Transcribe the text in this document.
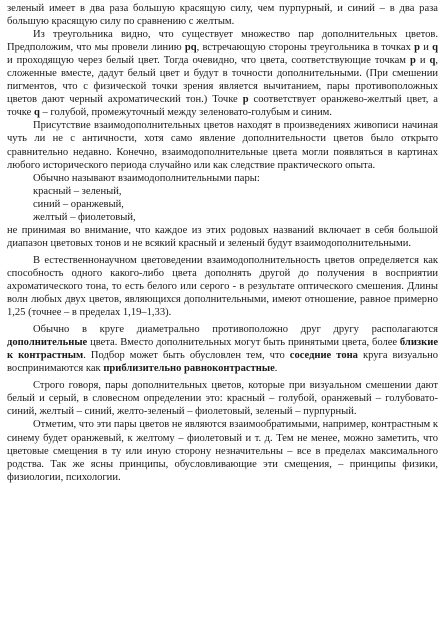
зеленый имеет в два раза большую красящую силу, чем пурпурный, и синий – в два раза большую красящую силу по сравнению с желтым.

Из треугольника видно, что существует множество пар дополнительных цветов. Предположим, что мы провели линию pq, встречающую стороны треугольника в точках p и q и проходящую через белый цвет. Тогда очевидно, что цвета, соответствующие точкам p и q, сложенные вместе, дадут белый цвет и будут в точности дополнительными. (При смешении пигментов, что с физической точки зрения является вычитанием, пары противоположных цветов дают черный ахроматический тон.) Точке p соответствует оранжево-желтый цвет, а точке q – голубой, промежуточный между зеленовато-голубым и синим.

Присутствие взаимодополнительных цветов находят в произведениях живописи начиная чуть ли не с античности, хотя само явление дополнительности цветов было открыто сравнительно недавно. Конечно, взаимодополнительные цвета могли появляться в картинах любого исторического периода случайно или как следствие практического опыта.

Обычно называют взаимодополнительными пары:

красный – зеленый,

синий – оранжевый,

желтый – фиолетовый,

не принимая во внимание, что каждое из этих родовых названий включает в себя большой диапазон цветовых тонов и не всякий красный и зеленый будут взаимодополнительными.

В естественнонаучном цветоведении взаимодополнительность цветов определяется как способность одного какого-либо цвета дополнять другой до получения в восприятии ахроматического тона, то есть белого или серого - в результате оптического смешения. Длины волн любых двух цветов, являющихся дополнительными, имеют отношение, равное примерно 1,25 (точнее – в пределах 1,19–1,33).

Обычно в круге диаметрально противоположно друг другу располагаются дополнительные цвета. Вместо дополнительных могут быть принятыми цвета, более близкие к контрастным. Подбор может быть обусловлен тем, что соседние тона круга визуально воспринимаются как приблизительно равноконтрастные.

Строго говоря, пары дополнительных цветов, которые при визуальном смешении дают белый и серый, в словесном определении это: красный – голубой, оранжевый – голубовато-синий, желтый – синий, желто-зеленый – фиолетовый, зеленый – пурпурный.

Отметим, что эти пары цветов не являются взаимообратимыми, например, контрастным к синему будет оранжевый, к желтому – фиолетовый и т. д. Тем не менее, можно заметить, что цветовые смещения в ту или иную сторону незначительны – все в пределах максимального родства. Так же ясны принципы, обусловливающие эти смещения, – принципы физики, физиологии, психологии.
